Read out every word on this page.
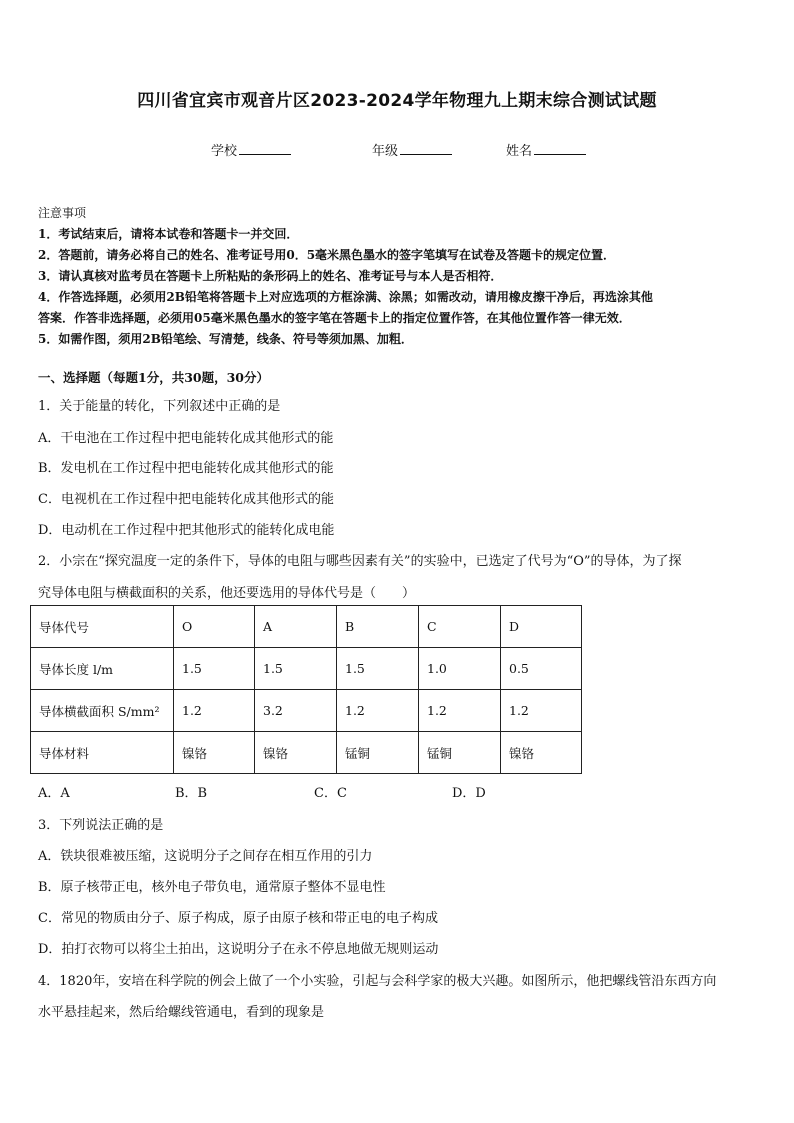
四川省宜宾市观音片区2023-2024学年物理九上期末综合测试试题
学校	年级	姓名
注意事项
1．考试结束后，请将本试卷和答题卡一并交回．
2．答题前，请务必将自己的姓名、准考证号用0．5毫米黑色墨水的签字笔填写在试卷及答题卡的规定位置．
3．请认真核对监考员在答题卡上所粘贴的条形码上的姓名、准考证号与本人是否相符．
4．作答选择题，必须用2B铅笔将答题卡上对应选项的方框涂满、涂黑；如需改动，请用橡皮擦干净后，再选涂其他
答案．作答非选择题，必须用05毫米黑色墨水的签字笔在答题卡上的指定位置作答，在其他位置作答一律无效．
5．如需作图，须用2B铅笔绘、写清楚，线条、符号等须加黑、加粗．
一、选择题（每题1分，共30题，30分）
1．关于能量的转化，下列叙述中正确的是
A．干电池在工作过程中把电能转化成其他形式的能
B．发电机在工作过程中把电能转化成其他形式的能
C．电视机在工作过程中把电能转化成其他形式的能
D．电动机在工作过程中把其他形式的能转化成电能
2．小宗在“探究温度一定的条件下，导体的电阻与哪些因素有关”的实验中，已选定了代号为“O”的导体，为了探
究导体电阻与横截面积的关系，他还要选用的导体代号是（　　）
导体代号	O	A	B	C	D
导体长度 l/m	1.5	1.5	1.5	1.0	0.5
导体横截面积 S/mm²	1.2	3.2	1.2	1.2	1.2
导体材料	镍铬	镍铬	锰铜	锰铜	镍铬
A．A	B．B	C．C	D．D
3．下列说法正确的是
A．铁块很难被压缩，这说明分子之间存在相互作用的引力
B．原子核带正电，核外电子带负电，通常原子整体不显电性
C．常见的物质由分子、原子构成，原子由原子核和带正电的电子构成
D．拍打衣物可以将尘土拍出，这说明分子在永不停息地做无规则运动
4．1820年，安培在科学院的例会上做了一个小实验，引起与会科学家的极大兴趣。如图所示，他把螺线管沿东西方向
水平悬挂起来，然后给螺线管通电，看到的现象是
